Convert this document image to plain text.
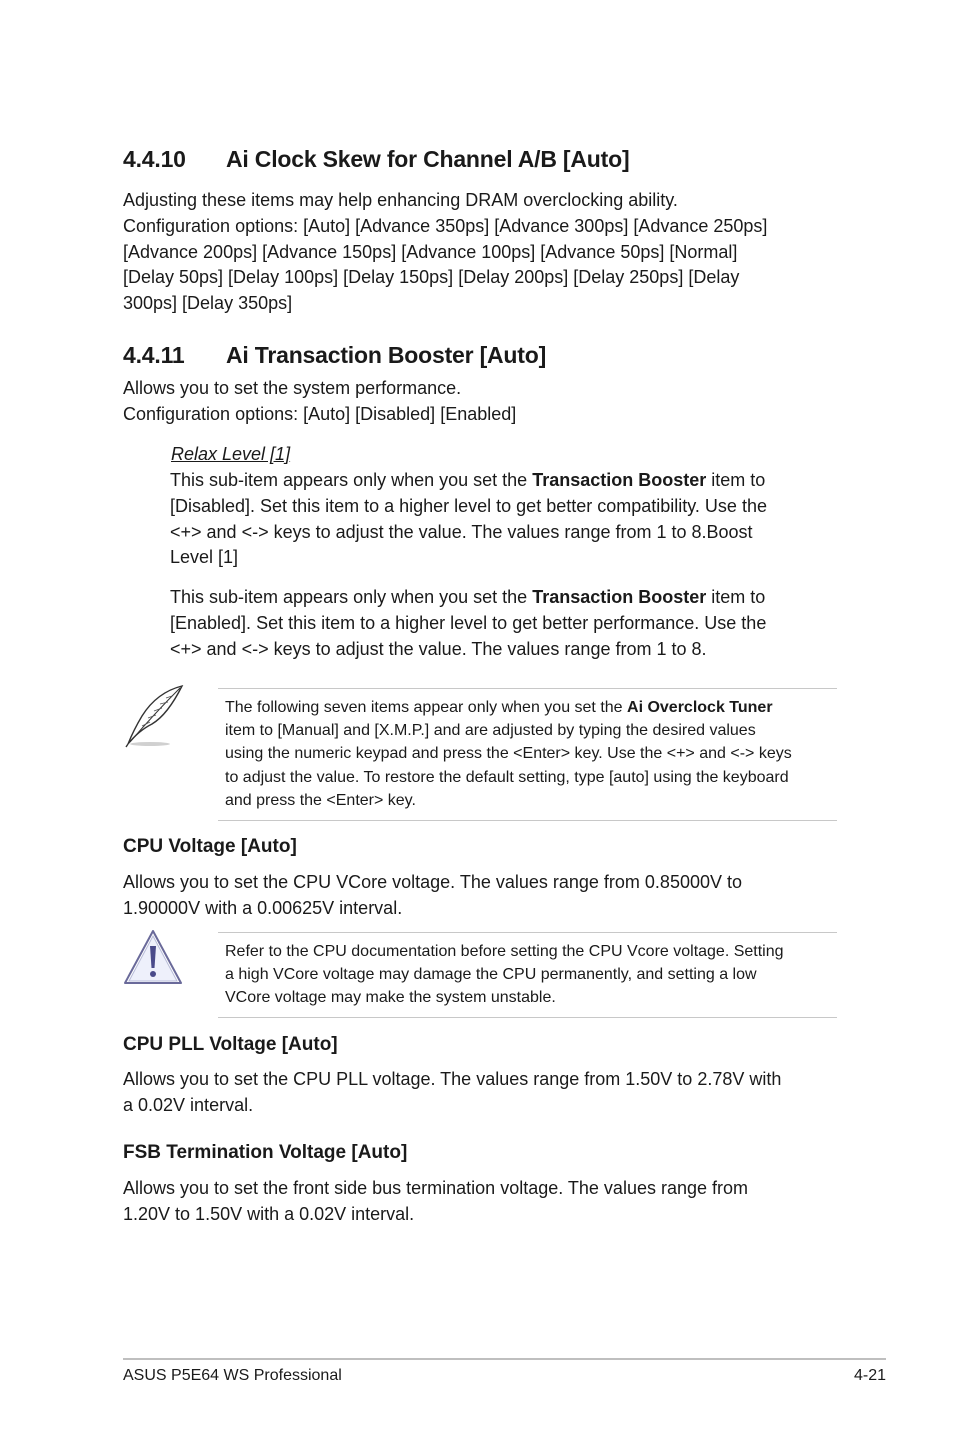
4.4.10 Ai Clock Skew for Channel A/B [Auto]
Adjusting these items may help enhancing DRAM overclocking ability.
Configuration options: [Auto] [Advance 350ps] [Advance 300ps] [Advance 250ps]
[Advance 200ps] [Advance 150ps] [Advance 100ps] [Advance 50ps] [Normal]
[Delay 50ps] [Delay 100ps] [Delay 150ps] [Delay 200ps] [Delay 250ps] [Delay
300ps] [Delay 350ps]
4.4.11 Ai Transaction Booster [Auto]
Allows you to set the system performance.
Configuration options: [Auto] [Disabled] [Enabled]
Relax Level [1]
This sub-item appears only when you set the Transaction Booster item to
[Disabled]. Set this item to a higher level to get better compatibility. Use the
<+> and <-> keys to adjust the value. The values range from 1 to 8.Boost
Level [1]
This sub-item appears only when you set the Transaction Booster item to
[Enabled]. Set this item to a higher level to get better performance. Use the
<+> and <-> keys to adjust the value. The values range from 1 to 8.
The following seven items appear only when you set the Ai Overclock Tuner
item to [Manual] and [X.M.P.] and are adjusted by typing the desired values
using the numeric keypad and press the <Enter> key. Use the <+> and <-> keys
to adjust the value. To restore the default setting, type [auto] using the keyboard
and press the <Enter> key.
CPU Voltage [Auto]
Allows you to set the CPU VCore voltage. The values range from 0.85000V to
1.90000V with a 0.00625V interval.
Refer to the CPU documentation before setting the CPU Vcore voltage. Setting
a high VCore voltage may damage the CPU permanently, and setting a low
VCore voltage may make the system unstable.
CPU PLL Voltage [Auto]
Allows you to set the CPU PLL voltage. The values range from 1.50V to 2.78V with
a 0.02V interval.
FSB Termination Voltage [Auto]
Allows you to set the front side bus termination voltage. The values range from
1.20V to 1.50V with a 0.02V interval.
ASUS P5E64 WS Professional	4-21
